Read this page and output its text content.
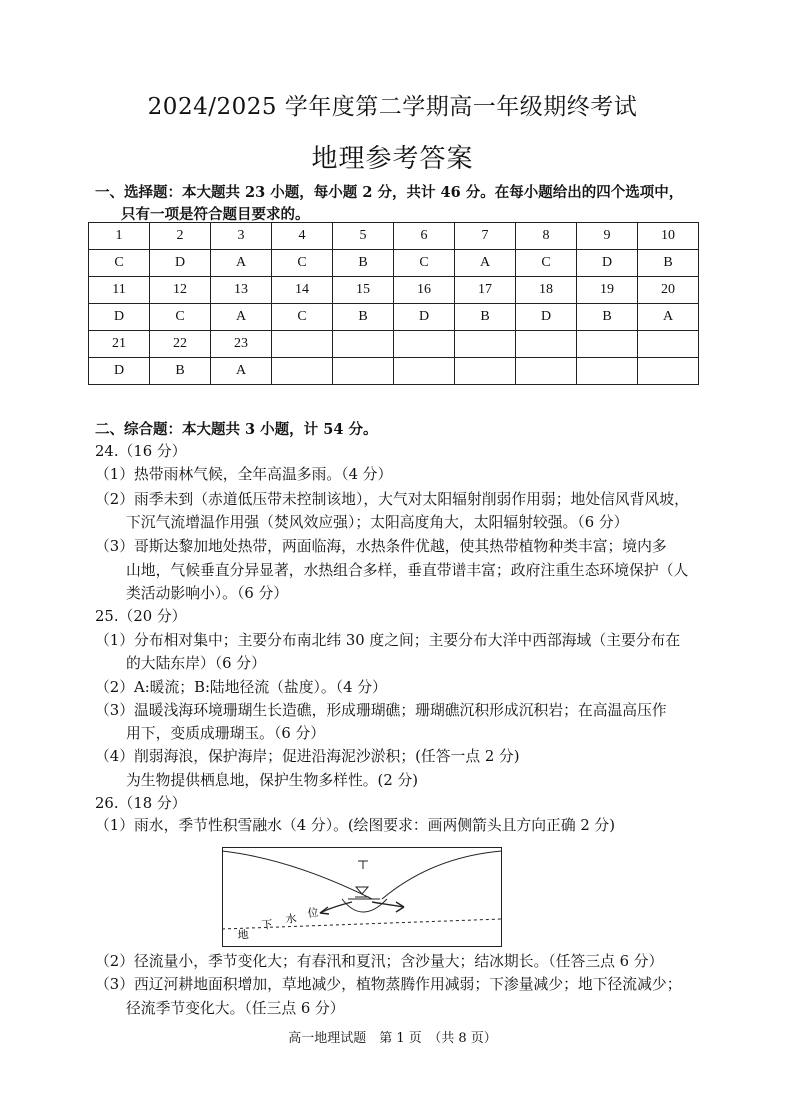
2024/2025 学年度第二学期高一年级期终考试
地理参考答案
一、选择题：本大题共 23 小题，每小题 2 分，共计 46 分。在每小题给出的四个选项中，
只有一项是符合题目要求的。
1	2	3	4	5	6	7	8	9	10
C	D	A	C	B	C	A	C	D	B
11	12	13	14	15	16	17	18	19	20
D	C	A	C	B	D	B	D	B	A
21	22	23							
D	B	A							
二、综合题：本大题共 3 小题，计 54 分。
24.（16 分）
（1）热带雨林气候，全年高温多雨。（4 分）
（2）雨季未到（赤道低压带未控制该地），大气对太阳辐射削弱作用弱；地处信风背风坡，
下沉气流增温作用强（焚风效应强）；太阳高度角大，太阳辐射较强。（6 分）
（3）哥斯达黎加地处热带，两面临海，水热条件优越，使其热带植物种类丰富；境内多
山地，气候垂直分异显著，水热组合多样，垂直带谱丰富；政府注重生态环境保护（人
类活动影响小）。（6 分）
25.（20 分）
（1）分布相对集中；主要分布南北纬 30 度之间；主要分布大洋中西部海域（主要分布在
的大陆东岸）（6 分）
（2）A:暖流；B:陆地径流（盐度）。（4 分）
（3）温暖浅海环境珊瑚生长造礁，形成珊瑚礁；珊瑚礁沉积形成沉积岩；在高温高压作
用下，变质成珊瑚玉。（6 分）
（4）削弱海浪，保护海岸；促进沿海泥沙淤积；(任答一点 2 分)
为生物提供栖息地，保护生物多样性。(2 分)
26.（18 分）
（1）雨水，季节性积雪融水（4 分）。(绘图要求：画两侧箭头且方向正确 2 分)
地
下 水 位
（2）径流量小，季节变化大；有春汛和夏汛；含沙量大；结冰期长。（任答三点 6 分）
（3）西辽河耕地面积增加，草地减少，植物蒸腾作用减弱；下渗量减少；地下径流减少；
径流季节变化大。（任三点 6 分）
高一地理试题　第 1 页　（共 8 页）
